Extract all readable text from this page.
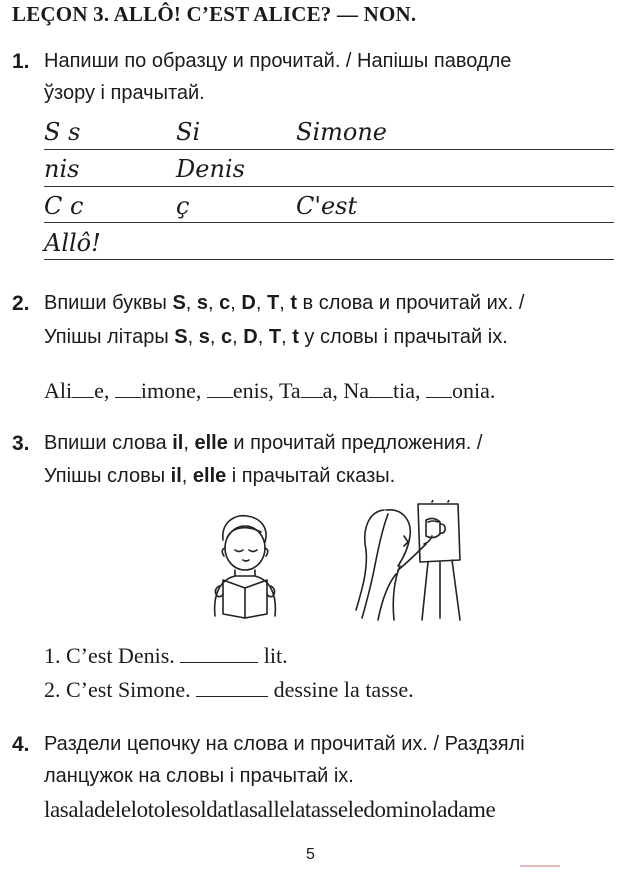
LEÇON 3. ALLÔ! C’EST ALICE? — NON.
1. Напиши по образцу и прочитай. / Напішы паводле
ўзору і прачытай.
S s	Si	Simone
nis	Denis
C c	ç	C'est
Allô!
2. Впиши буквы S, s, c, D, T, t в слова и прочитай их. /
Упішы літары S, s, c, D, T, t у словы і прачытай іх.
Ali e, imone, enis, Ta a, Na tia, onia.
3. Впиши слова il, elle и прочитай предложения. /
Упішы словы il, elle і прачытай сказы.
1. C’est Denis.	lit.
2. C’est Simone.	dessine la tasse.
4. Раздели цепочку на слова и прочитай их. / Раздзялі
ланцужок на словы і прачытай іх.
lasaladelelotolesoldatlasallelatasseledominoladame
5
